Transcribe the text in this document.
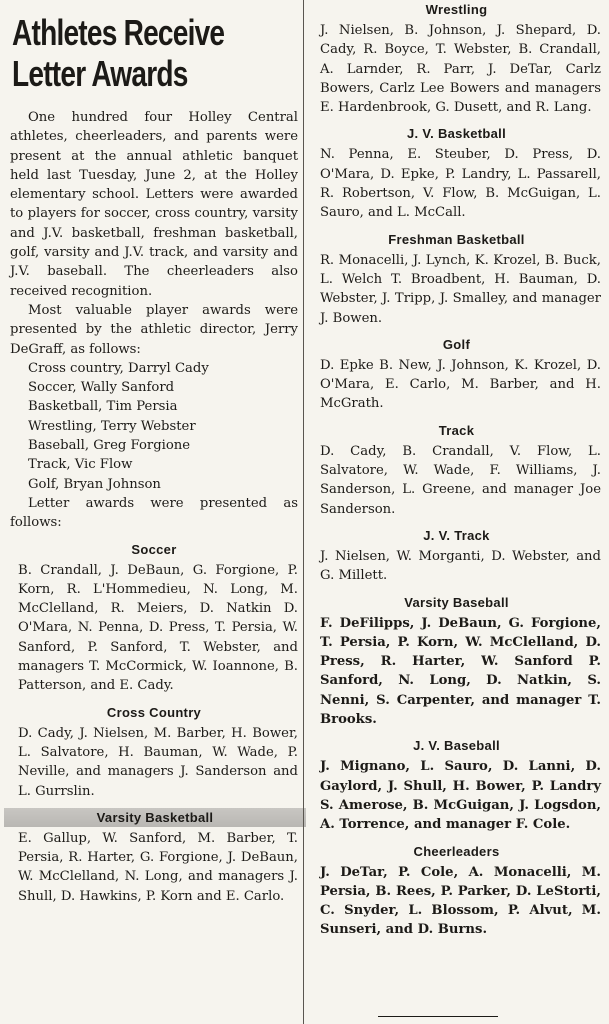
Athletes Receive
Letter Awards

One hundred four Holley Central athletes, cheerleaders, and parents were present at the annual athletic banquet held last Tuesday, June 2, at the Holley elementary school. Letters were awarded to players for soccer, cross country, varsity and J.V. basketball, freshman basketball, golf, varsity and J.V. track, and varsity and J.V. baseball. The cheerleaders also received recognition.

Most valuable player awards were presented by the athletic director, Jerry DeGraff, as follows:

Cross country, Darryl Cady
Soccer, Wally Sanford
Basketball, Tim Persia
Wrestling, Terry Webster
Baseball, Greg Forgione
Track, Vic Flow
Golf, Bryan Johnson

Letter awards were presented as follows:

Soccer

B. Crandall, J. DeBaun, G. Forgione, P. Korn, R. L'Hommedieu, N. Long, M. McClelland, R. Meiers, D. Natkin D. O'Mara, N. Penna, D. Press, T. Persia, W. Sanford, P. Sanford, T. Webster, and managers T. McCormick, W. Ioannone, B. Patterson, and E. Cady.

Cross Country

D. Cady, J. Nielsen, M. Barber, H. Bower, L. Salvatore, H. Bauman, W. Wade, P. Neville, and managers J. Sanderson and L. Gurrslin.

Varsity Basketball

E. Gallup, W. Sanford, M. Barber, T. Persia, R. Harter, G. Forgione, J. DeBaun, W. McClelland, N. Long, and managers J. Shull, D. Hawkins, P. Korn and E. Carlo.

Wrestling

J. Nielsen, B. Johnson, J. Shepard, D. Cady, R. Boyce, T. Webster, B. Crandall, A. Larnder, R. Parr, J. DeTar, Carlz Bowers, Carlz Lee Bowers and managers E. Hardenbrook, G. Dusett, and R. Lang.

J. V. Basketball

N. Penna, E. Steuber, D. Press, D. O'Mara, D. Epke, P. Landry, L. Passarell, R. Robertson, V. Flow, B. McGuigan, L. Sauro, and L. McCall.

Freshman Basketball

R. Monacelli, J. Lynch, K. Krozel, B. Buck, L. Welch T. Broadbent, H. Bauman, D. Webster, J. Tripp, J. Smalley, and manager J. Bowen.

Golf

D. Epke B. New, J. Johnson, K. Krozel, D. O'Mara, E. Carlo, M. Barber, and H. McGrath.

Track

D. Cady, B. Crandall, V. Flow, L. Salvatore, W. Wade, F. Williams, J. Sanderson, L. Greene, and manager Joe Sanderson.

J. V. Track

J. Nielsen, W. Morganti, D. Webster, and G. Millett.

Varsity Baseball

F. DeFilipps, J. DeBaun, G. Forgione, T. Persia, P. Korn, W. McClelland, D. Press, R. Harter, W. Sanford P. Sanford, N. Long, D. Natkin, S. Nenni, S. Carpenter, and manager T. Brooks.

J. V. Baseball

J. Mignano, L. Sauro, D. Lanni, D. Gaylord, J. Shull, H. Bower, P. Landry S. Amerose, B. McGuigan, J. Logsdon, A. Torrence, and manager F. Cole.

Cheerleaders

J. DeTar, P. Cole, A. Monacelli, M. Persia, B. Rees, P. Parker, D. LeStorti, C. Snyder, L. Blossom, P. Alvut, M. Sunseri, and D. Burns.
